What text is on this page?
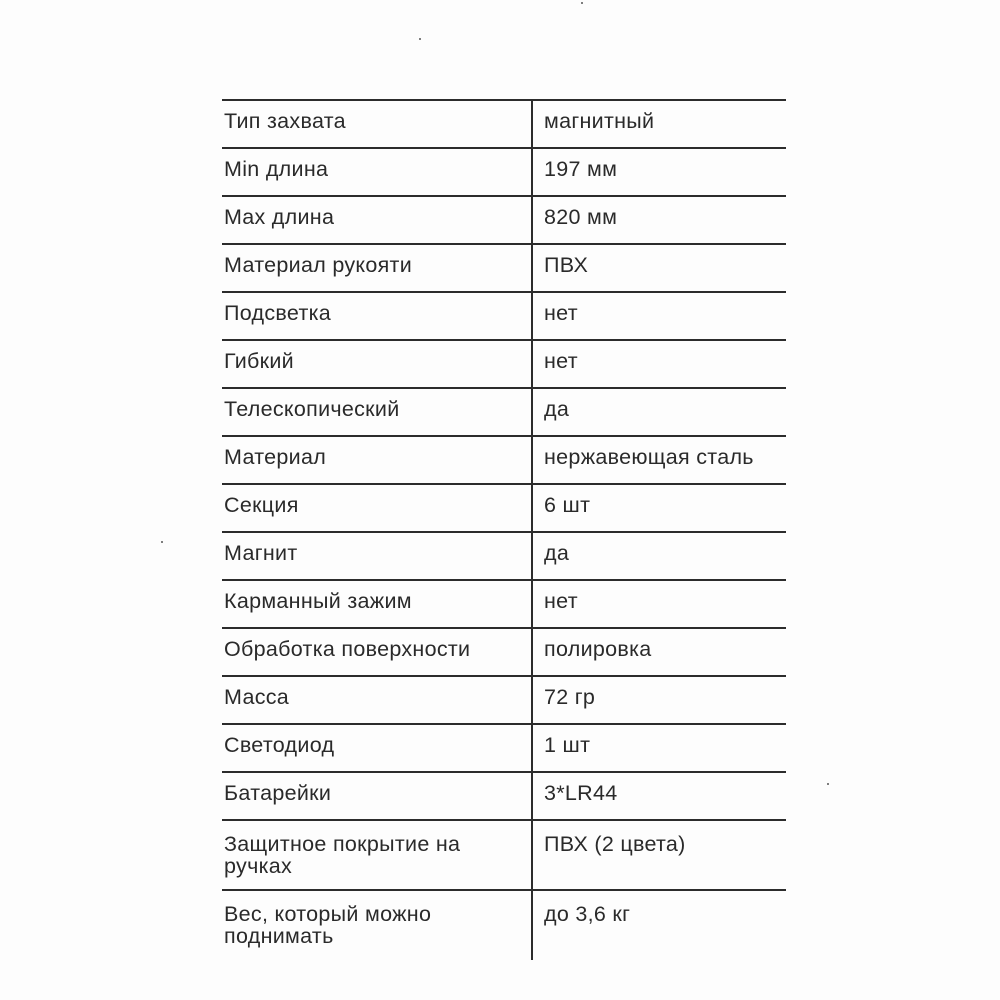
Тип захвата	магнитный

Min длина	197 мм

Max длина	820 мм

Материал рукояти	ПВХ

Подсветка	нет

Гибкий	нет

Телескопический	да

Материал	нержавеющая сталь

Секция	6 шт

Магнит	да

Карманный зажим	нет

Обработка поверхности	полировка

Масса	72 гр

Светодиод	1 шт

Батарейки	3*LR44

Защитное покрытие на ручках	ПВХ (2 цвета)
Вес, который можно поднимать	до 3,6 кг
